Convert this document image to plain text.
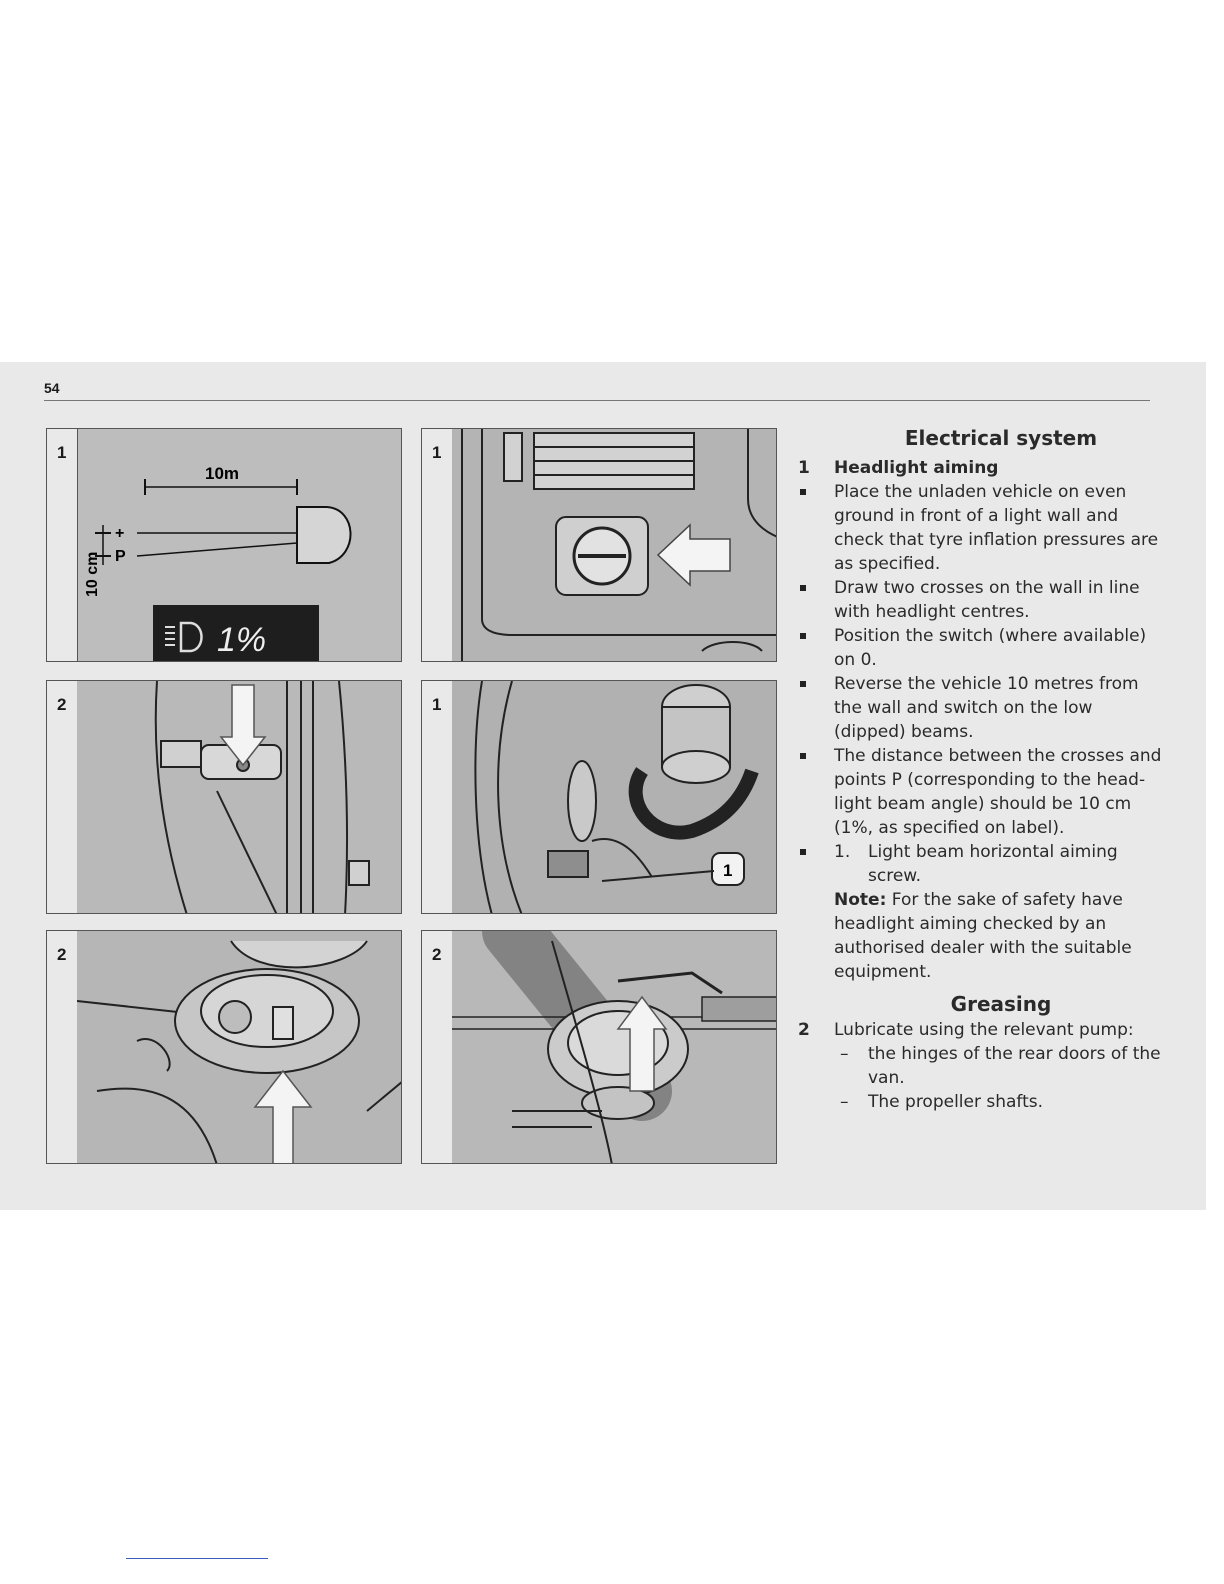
54
1
10m
+
P
10 cm
1%
1
2	1
1
2	2
Electrical system
1 Headlight aiming
Place the unladen vehicle on even ground in front of a light wall and check that tyre inflation pressures are as specified.
Draw two crosses on the wall in line with headlight centres.
Position the switch (where available) on 0.
Reverse the vehicle 10 metres from the wall and switch on the low (dipped) beams.
The distance between the crosses and points P (corresponding to the head-light beam angle) should be 10 cm (1%, as specified on label).
1. Light beam horizontal aiming screw.
Note: For the sake of safety have headlight aiming checked by an authorised dealer with the suitable equipment.
Greasing
2 Lubricate using the relevant pump:
– the hinges of the rear doors of the van.
– The propeller shafts.
